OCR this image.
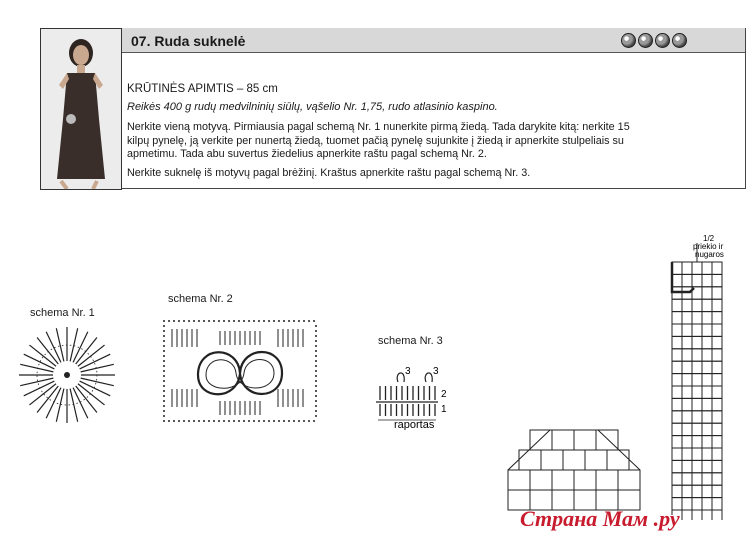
07. Ruda suknelė
KRŪTINĖS APIMTIS – 85 cm
Reikės 400 g rudų medvilninių siūlų, vąšelio Nr. 1,75, rudo atlasinio kaspino.
Nerkite vieną motyvą. Pirmiausia pagal schemą Nr. 1 nunerkite pirmą žiedą. Tada darykite kitą: nerkite 15 kilpų pynelę, ją verkite per nunertą žiedą, tuomet pačią pynelę sujunkite į žiedą ir apnerkite stulpeliais su apmetimu. Tada abu suvertus žiedelius apnerkite raštu pagal schemą Nr. 2.
Nerkite suknelę iš motyvų pagal brėžinį. Kraštus apnerkite raštu pagal schemą Nr. 3.
schema Nr. 1
schema Nr. 2
schema Nr. 3
3 3
2
1
raportas
1/2
priekio ir
nugaros
Страна Мам .ру
